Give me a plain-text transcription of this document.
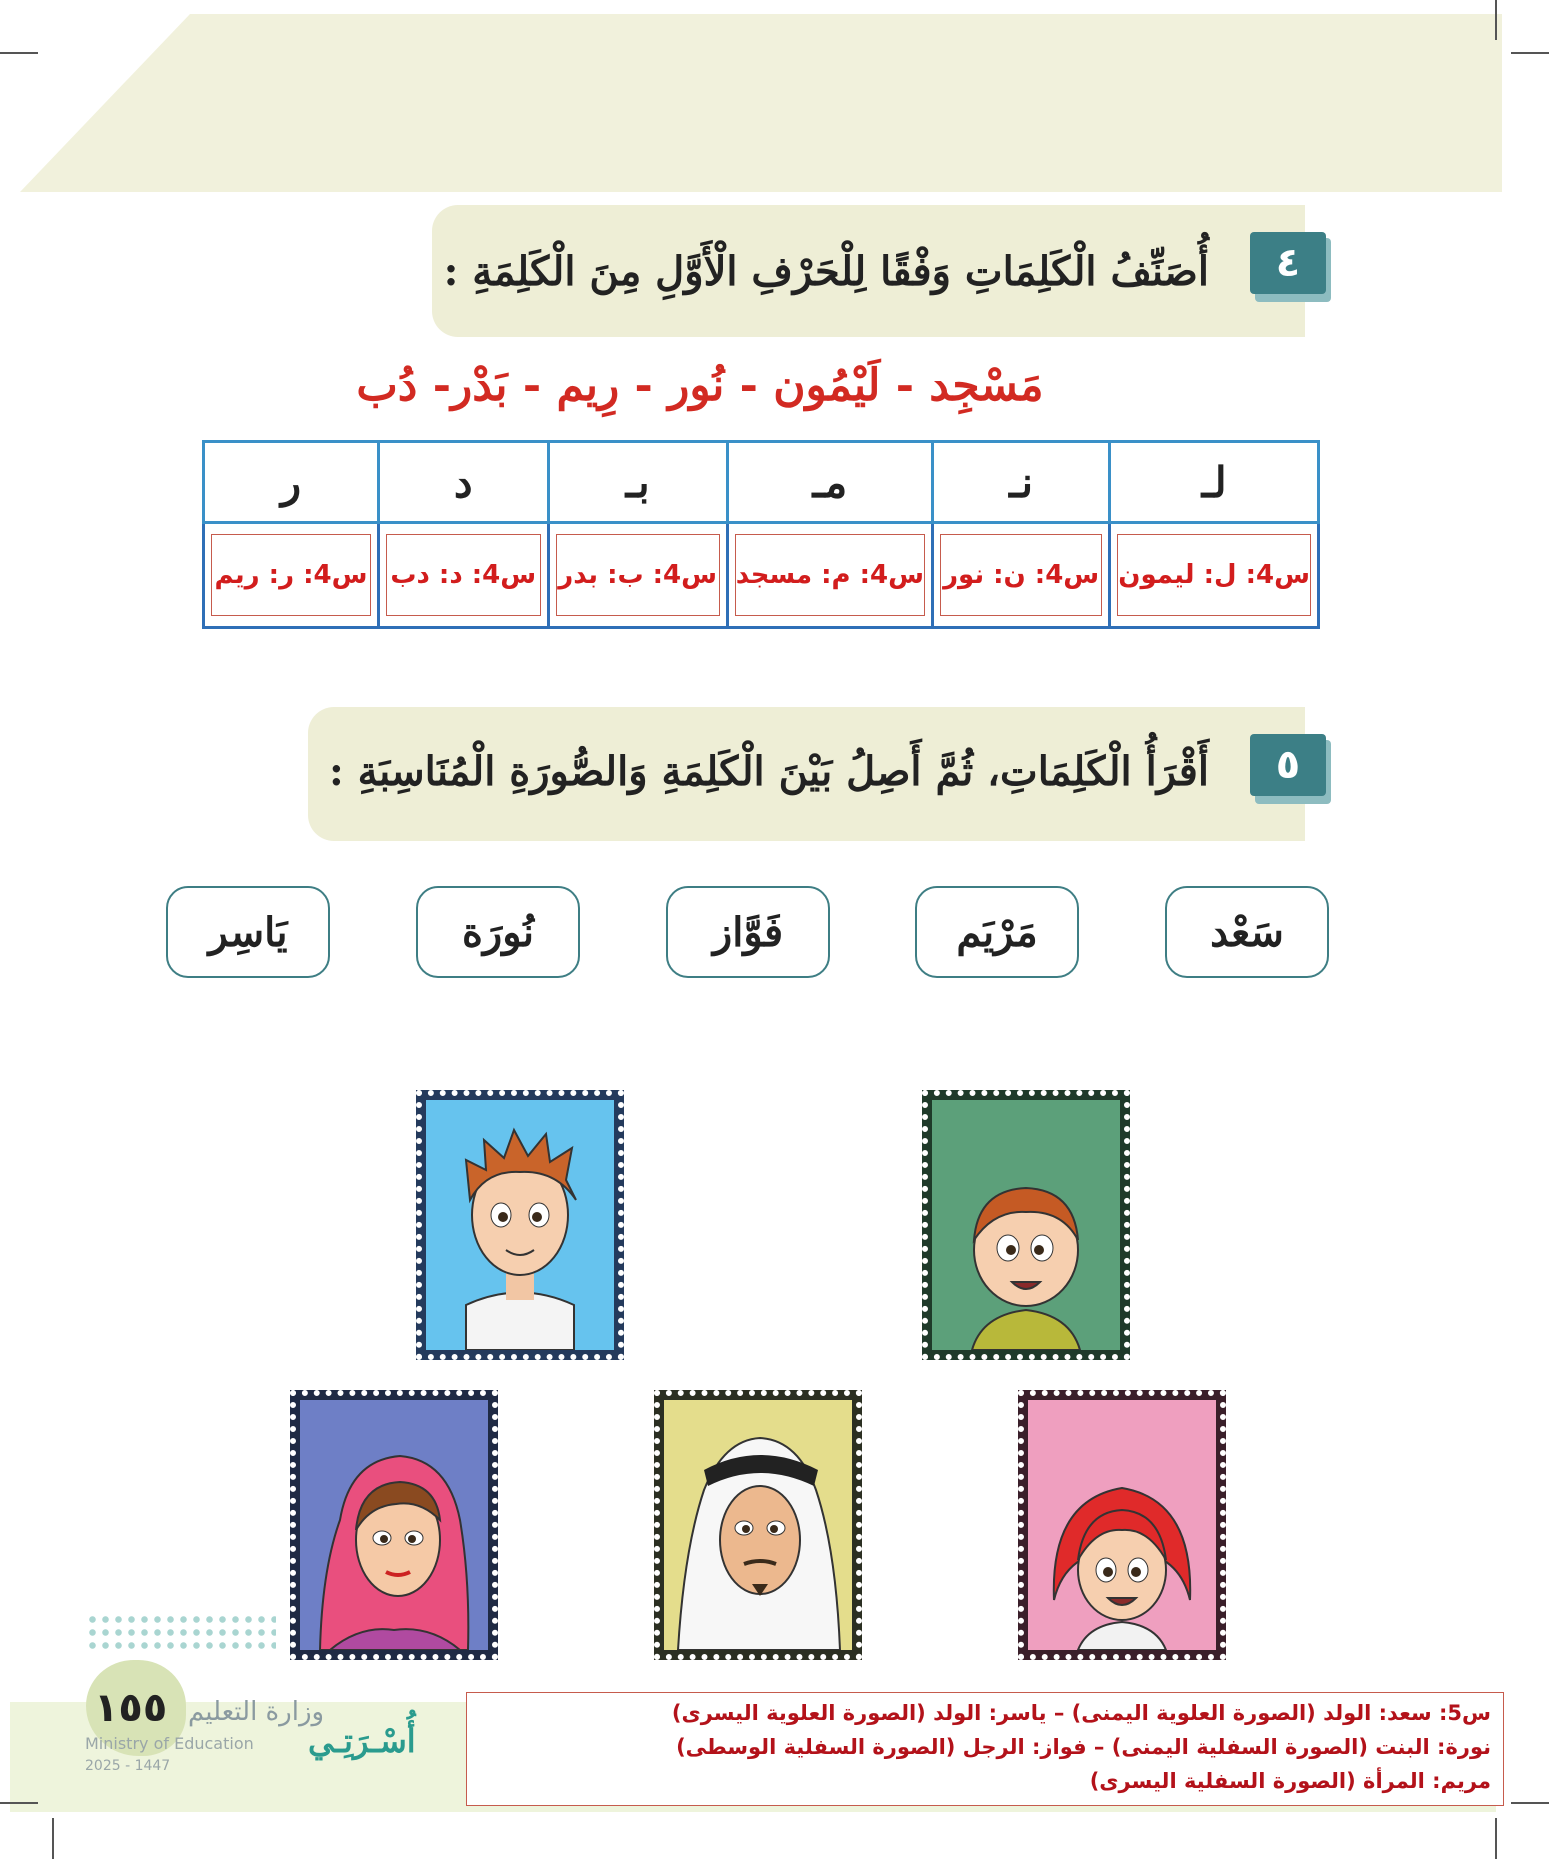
٤
أُصَنِّفُ الْكَلِمَاتِ وَفْقًا لِلْحَرْفِ الْأَوَّلِ مِنَ الْكَلِمَةِ :
مَسْجِد - لَيْمُون - نُور - رِيم - بَدْر- دُب
لـ	نـ	مـ	بـ	د	ر

س4: ل: ليمون	س4: ن: نور	س4: م: مسجد	س4: ب: بدر	س4: د: دب	س4: ر: ريم
٥
أَقْرَأُ الْكَلِمَاتِ، ثُمَّ أَصِلُ بَيْنَ الْكَلِمَةِ وَالصُّورَةِ الْمُنَاسِبَةِ :
سَعْد
مَرْيَم
فَوَّاز
نُورَة
يَاسِر
١٥٥ وزارة التعليم
Ministry of Education
2025 - 1447
أُسْـرَتِـي
س5: سعد: الولد (الصورة العلوية اليمنى) – ياسر: الولد (الصورة العلوية اليسرى)
نورة: البنت (الصورة السفلية اليمنى) – فواز: الرجل (الصورة السفلية الوسطى)
مريم: المرأة (الصورة السفلية اليسرى)
